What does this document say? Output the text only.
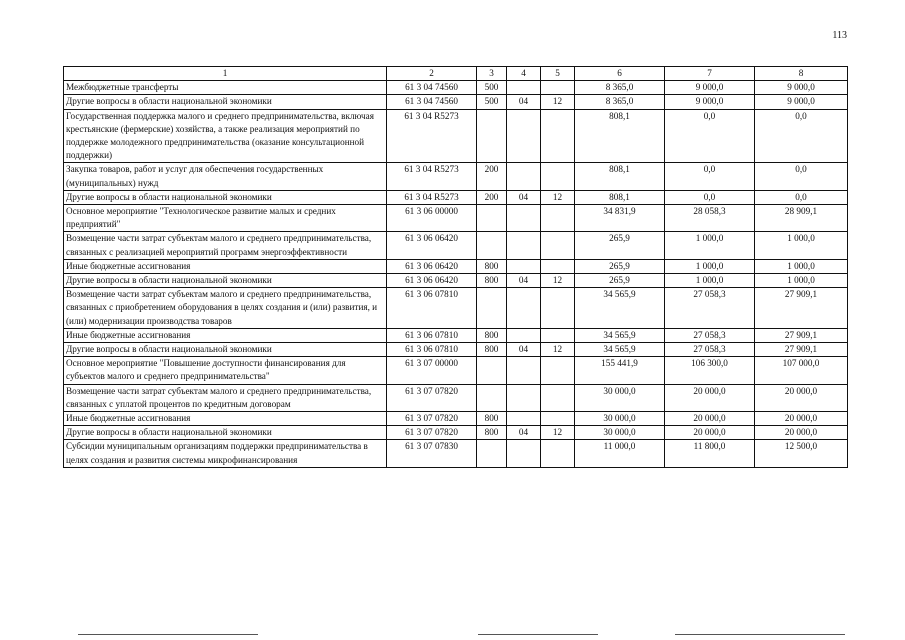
113
1	2	3	4	5	6	7	8
Межбюджетные трансферты	61 3 04 74560	500			8 365,0	9 000,0	9 000,0
Другие вопросы в области национальной экономики	61 3 04 74560	500	04	12	8 365,0	9 000,0	9 000,0
Государственная поддержка малого и среднего предпринимательства, включая крестьянские (фермерские) хозяйства, а также реализация мероприятий по поддержке молодежного предпринимательства (оказание консультационной поддержки)	61 3 04 R5273				808,1	0,0	0,0
Закупка товаров, работ и услуг для обеспечения государственных (муниципальных) нужд	61 3 04 R5273	200			808,1	0,0	0,0
Другие вопросы в области национальной экономики	61 3 04 R5273	200	04	12	808,1	0,0	0,0
Основное мероприятие "Технологическое развитие малых и средних предприятий"	61 3 06 00000				34 831,9	28 058,3	28 909,1
Возмещение части затрат субъектам малого и среднего предпринимательства, связанных с реализацией мероприятий программ энергоэффективности	61 3 06 06420				265,9	1 000,0	1 000,0
Иные бюджетные ассигнования	61 3 06 06420	800			265,9	1 000,0	1 000,0
Другие вопросы в области национальной экономики	61 3 06 06420	800	04	12	265,9	1 000,0	1 000,0
Возмещение части затрат субъектам малого и среднего предпринимательства, связанных с приобретением оборудования в целях создания и (или) развития, и (или) модернизации производства товаров	61 3 06 07810				34 565,9	27 058,3	27 909,1
Иные бюджетные ассигнования	61 3 06 07810	800			34 565,9	27 058,3	27 909,1
Другие вопросы в области национальной экономики	61 3 06 07810	800	04	12	34 565,9	27 058,3	27 909,1
Основное мероприятие "Повышение доступности финансирования для субъектов малого и среднего предпринимательства"	61 3 07 00000				155 441,9	106 300,0	107 000,0
Возмещение части затрат субъектам малого и среднего предпринимательства, связанных с уплатой процентов по кредитным договорам	61 3 07 07820				30 000,0	20 000,0	20 000,0
Иные бюджетные ассигнования	61 3 07 07820	800			30 000,0	20 000,0	20 000,0
Другие вопросы в области национальной экономики	61 3 07 07820	800	04	12	30 000,0	20 000,0	20 000,0
Субсидии муниципальным организациям поддержки предпринимательства в целях создания и развития системы микрофинансирования	61 3 07 07830				11 000,0	11 800,0	12 500,0
